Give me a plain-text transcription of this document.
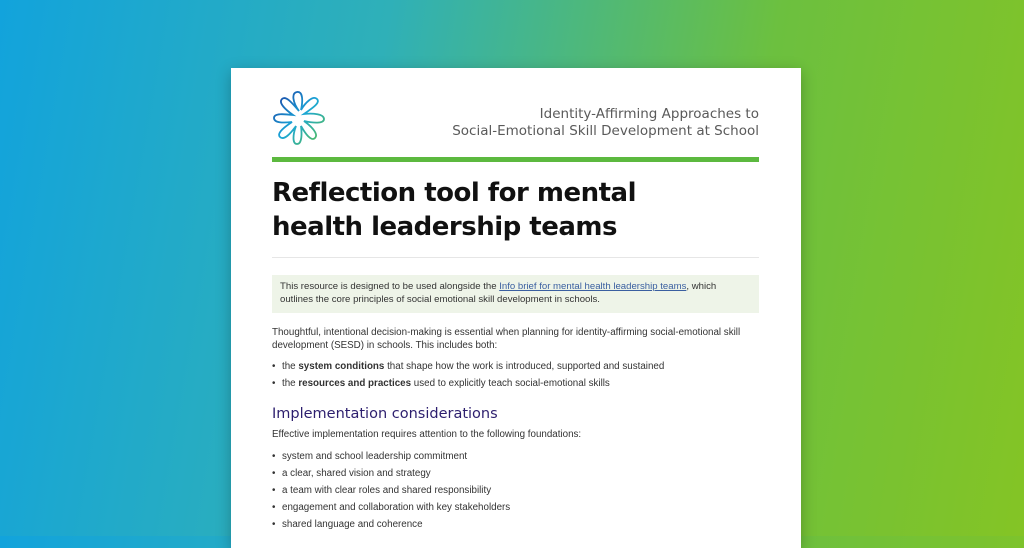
Identity-Affirming Approaches to
Social-Emotional Skill Development at School
Reflection tool for mental
health leadership teams
This resource is designed to be used alongside the Info brief for mental health leadership teams, which outlines the core principles of social emotional skill development in schools.
Thoughtful, intentional decision-making is essential when planning for identity-affirming social-emotional skill development (SESD) in schools. This includes both:
• the system conditions that shape how the work is introduced, supported and sustained
• the resources and practices used to explicitly teach social-emotional skills
Implementation considerations
Effective implementation requires attention to the following foundations:
• system and school leadership commitment
• a clear, shared vision and strategy
• a team with clear roles and shared responsibility
• engagement and collaboration with key stakeholders
• shared language and coherence
